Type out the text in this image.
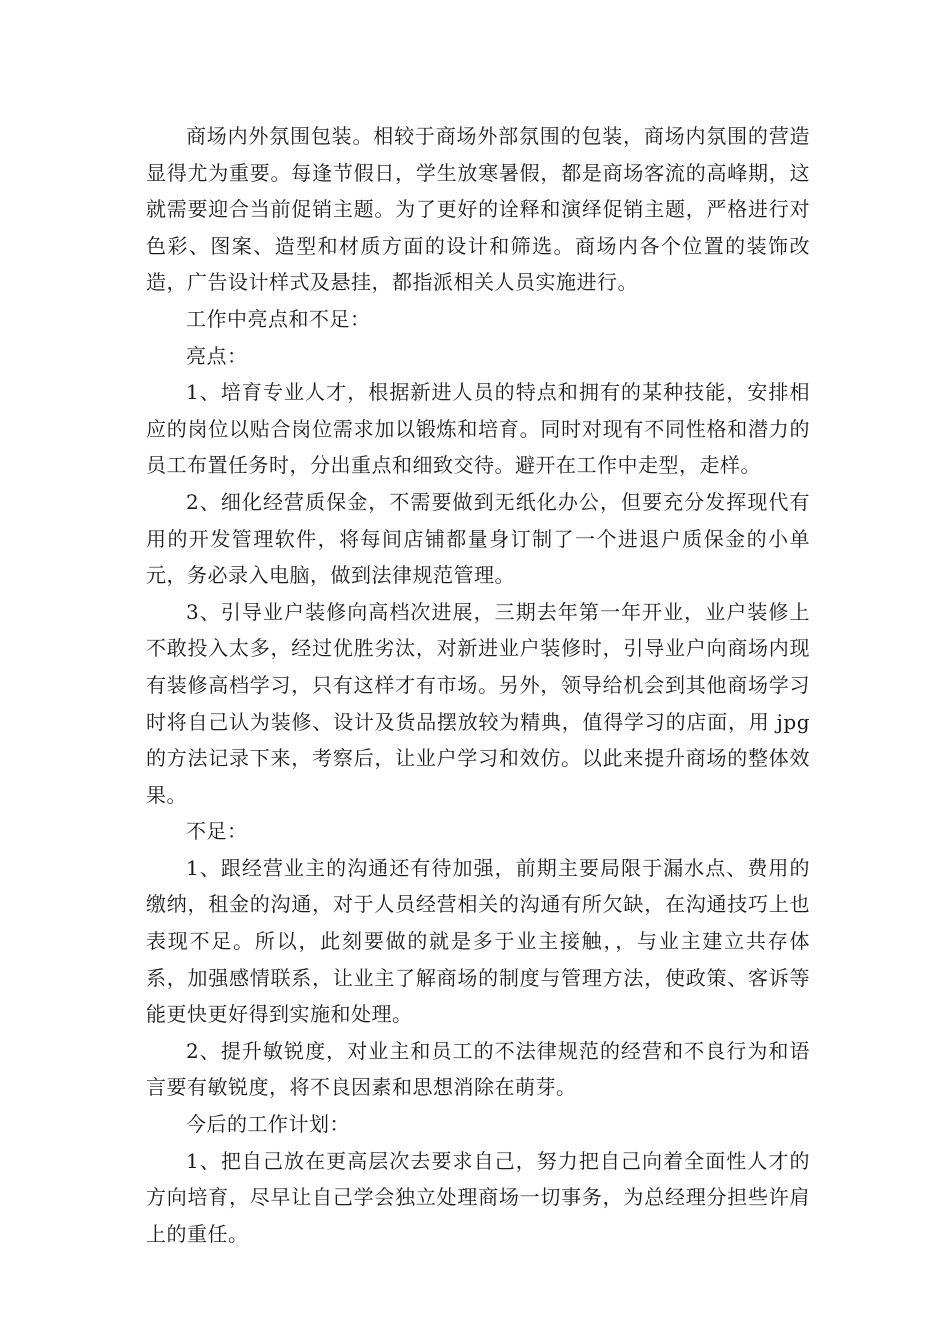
商场内外氛围包装。相较于商场外部氛围的包装，商场内氛围的营造显得尤为重要。每逢节假日，学生放寒暑假，都是商场客流的高峰期，这就需要迎合当前促销主题。为了更好的诠释和演绎促销主题，严格进行对色彩、图案、造型和材质方面的设计和筛选。商场内各个位置的装饰改造，广告设计样式及悬挂，都指派相关人员实施进行。

工作中亮点和不足：

亮点：

1、培育专业人才，根据新进人员的特点和拥有的某种技能，安排相应的岗位以贴合岗位需求加以锻炼和培育。同时对现有不同性格和潜力的员工布置任务时，分出重点和细致交待。避开在工作中走型，走样。

2、细化经营质保金，不需要做到无纸化办公，但要充分发挥现代有用的开发管理软件，将每间店铺都量身订制了一个进退户质保金的小单元，务必录入电脑，做到法律规范管理。

3、引导业户装修向高档次进展，三期去年第一年开业，业户装修上不敢投入太多，经过优胜劣汰，对新进业户装修时，引导业户向商场内现有装修高档学习，只有这样才有市场。另外，领导给机会到其他商场学习时将自己认为装修、设计及货品摆放较为精典，值得学习的店面，用 jpg 的方法记录下来，考察后，让业户学习和效仿。以此来提升商场的整体效果。

不足：

1、跟经营业主的沟通还有待加强，前期主要局限于漏水点、费用的缴纳，租金的沟通，对于人员经营相关的沟通有所欠缺，在沟通技巧上也表现不足。所以，此刻要做的就是多于业主接触，，与业主建立共存体系，加强感情联系，让业主了解商场的制度与管理方法，使政策、客诉等能更快更好得到实施和处理。

2、提升敏锐度，对业主和员工的不法律规范的经营和不良行为和语言要有敏锐度，将不良因素和思想消除在萌芽。

今后的工作计划：

1、把自己放在更高层次去要求自己，努力把自己向着全面性人才的方向培育，尽早让自己学会独立处理商场一切事务，为总经理分担些许肩上的重任。
